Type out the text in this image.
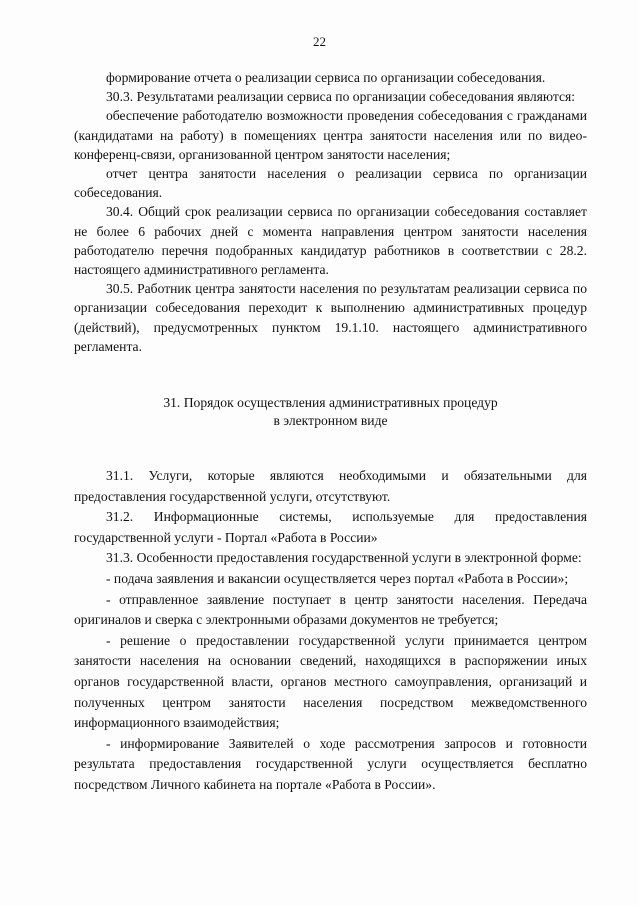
22

формирование отчета о реализации сервиса по организации собеседования.

30.3. Результатами реализации сервиса по организации собеседования являются:

обеспечение работодателю возможности проведения собеседования с гражданами (кандидатами на работу) в помещениях центра занятости населения или по видео-конференц-связи, организованной центром занятости населения;

отчет центра занятости населения о реализации сервиса по организации собеседования.

30.4. Общий срок реализации сервиса по организации собеседования составляет не более 6 рабочих дней с момента направления центром занятости населения работодателю перечня подобранных кандидатур работников в соответствии с 28.2. настоящего административного регламента.

30.5. Работник центра занятости населения по результатам реализации сервиса по организации собеседования переходит к выполнению административных процедур (действий), предусмотренных пунктом 19.1.10. настоящего административного регламента.

31. Порядок осуществления административных процедур
в электронном виде

31.1. Услуги, которые являются необходимыми и обязательными для предоставления государственной услуги, отсутствуют.

31.2. Информационные системы, используемые для предоставления государственной услуги - Портал «Работа в России»

31.3. Особенности предоставления государственной услуги в электронной форме:

- подача заявления и вакансии осуществляется через портал «Работа в России»;

- отправленное заявление поступает в центр занятости населения. Передача оригиналов и сверка с электронными образами документов не требуется;

- решение о предоставлении государственной услуги принимается центром занятости населения на основании сведений, находящихся в распоряжении иных органов государственной власти, органов местного самоуправления, организаций и полученных центром занятости населения посредством межведомственного информационного взаимодействия;

- информирование Заявителей о ходе рассмотрения запросов и готовности результата предоставления государственной услуги осуществляется бесплатно посредством Личного кабинета на портале «Работа в России».
